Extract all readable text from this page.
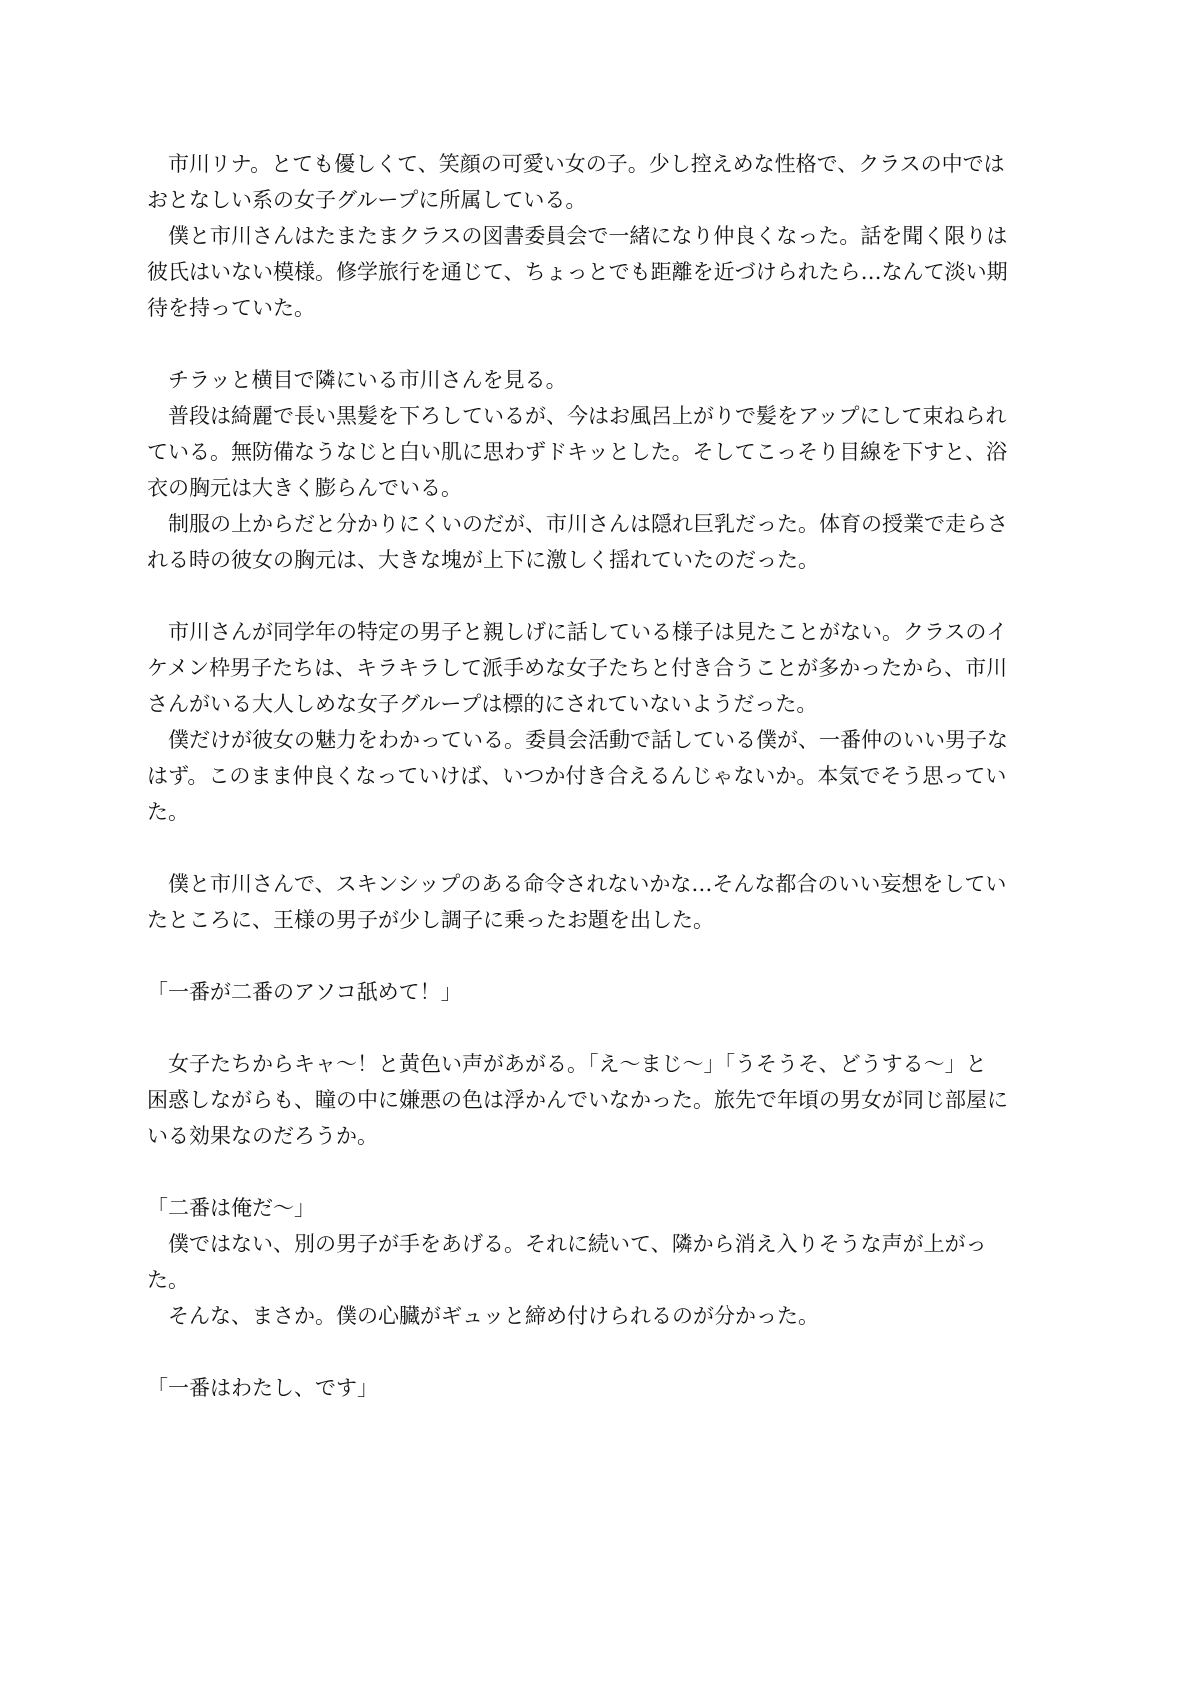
　市川リナ。とても優しくて、笑顔の可愛い女の子。少し控えめな性格で、クラスの中では
おとなしい系の女子グループに所属している。
　僕と市川さんはたまたまクラスの図書委員会で一緒になり仲良くなった。話を聞く限りは
彼氏はいない模様。修学旅行を通じて、ちょっとでも距離を近づけられたら…なんて淡い期
待を持っていた。
　チラッと横目で隣にいる市川さんを見る。
　普段は綺麗で長い黒髪を下ろしているが、今はお風呂上がりで髪をアップにして束ねられ
ている。無防備なうなじと白い肌に思わずドキッとした。そしてこっそり目線を下すと、浴
衣の胸元は大きく膨らんでいる。
　制服の上からだと分かりにくいのだが、市川さんは隠れ巨乳だった。体育の授業で走らさ
れる時の彼女の胸元は、大きな塊が上下に激しく揺れていたのだった。
　市川さんが同学年の特定の男子と親しげに話している様子は見たことがない。クラスのイ
ケメン枠男子たちは、キラキラして派手めな女子たちと付き合うことが多かったから、市川
さんがいる大人しめな女子グループは標的にされていないようだった。
　僕だけが彼女の魅力をわかっている。委員会活動で話している僕が、一番仲のいい男子な
はず。このまま仲良くなっていけば、いつか付き合えるんじゃないか。本気でそう思ってい
た。
　僕と市川さんで、スキンシップのある命令されないかな…そんな都合のいい妄想をしてい
たところに、王様の男子が少し調子に乗ったお題を出した。
「一番が二番のアソコ舐めて！」
　女子たちからキャ〜！と黄色い声があがる。「え〜まじ〜」「うそうそ、どうする〜」と
困惑しながらも、瞳の中に嫌悪の色は浮かんでいなかった。旅先で年頃の男女が同じ部屋に
いる効果なのだろうか。
「二番は俺だ〜」
　僕ではない、別の男子が手をあげる。それに続いて、隣から消え入りそうな声が上がっ
た。
　そんな、まさか。僕の心臓がギュッと締め付けられるのが分かった。
「一番はわたし、です」
